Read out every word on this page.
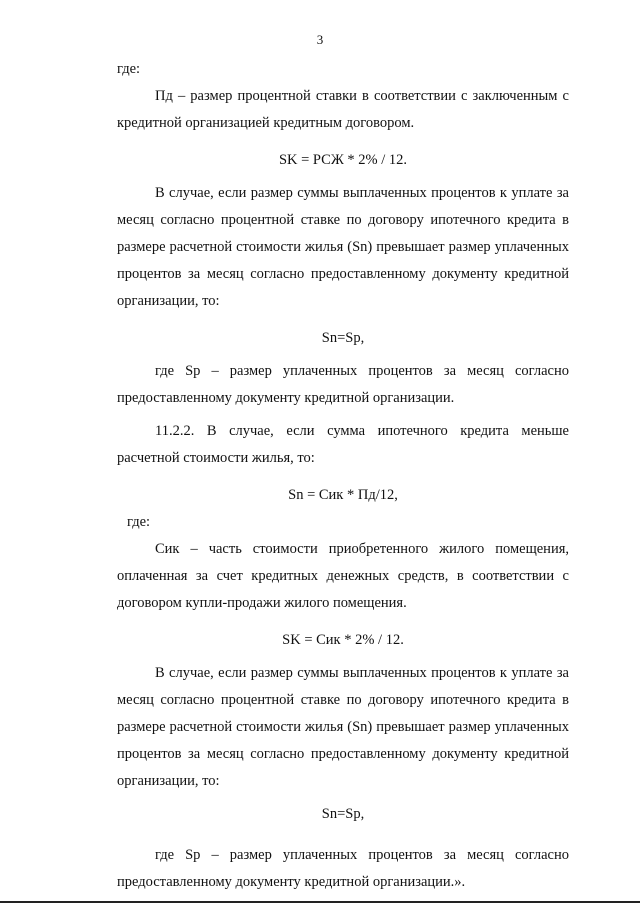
3

где:

Пд – размер процентной ставки в соответствии с заключенным с кредитной организацией кредитным договором.

SK = РСЖ * 2% / 12.

В случае, если размер суммы выплаченных процентов к уплате за месяц согласно процентной ставке по договору ипотечного кредита в размере расчетной стоимости жилья (Sn) превышает размер уплаченных процентов за месяц согласно предоставленному документу кредитной организации, то:

Sn=Sp,

где Sp – размер уплаченных процентов за месяц согласно предоставленному документу кредитной организации.

11.2.2. В случае, если сумма ипотечного кредита меньше расчетной стоимости жилья, то:

Sn = Сик * Пд/12,

где:

Сик – часть стоимости приобретенного жилого помещения, оплаченная за счет кредитных денежных средств, в соответствии с договором купли-продажи жилого помещения.

SK = Сик * 2% / 12.

В случае, если размер суммы выплаченных процентов к уплате за месяц согласно процентной ставке по договору ипотечного кредита в размере расчетной стоимости жилья (Sn) превышает размер уплаченных процентов за месяц согласно предоставленному документу кредитной организации, то:

Sn=Sp,

где Sp – размер уплаченных процентов за месяц согласно предоставленному документу кредитной организации.».
